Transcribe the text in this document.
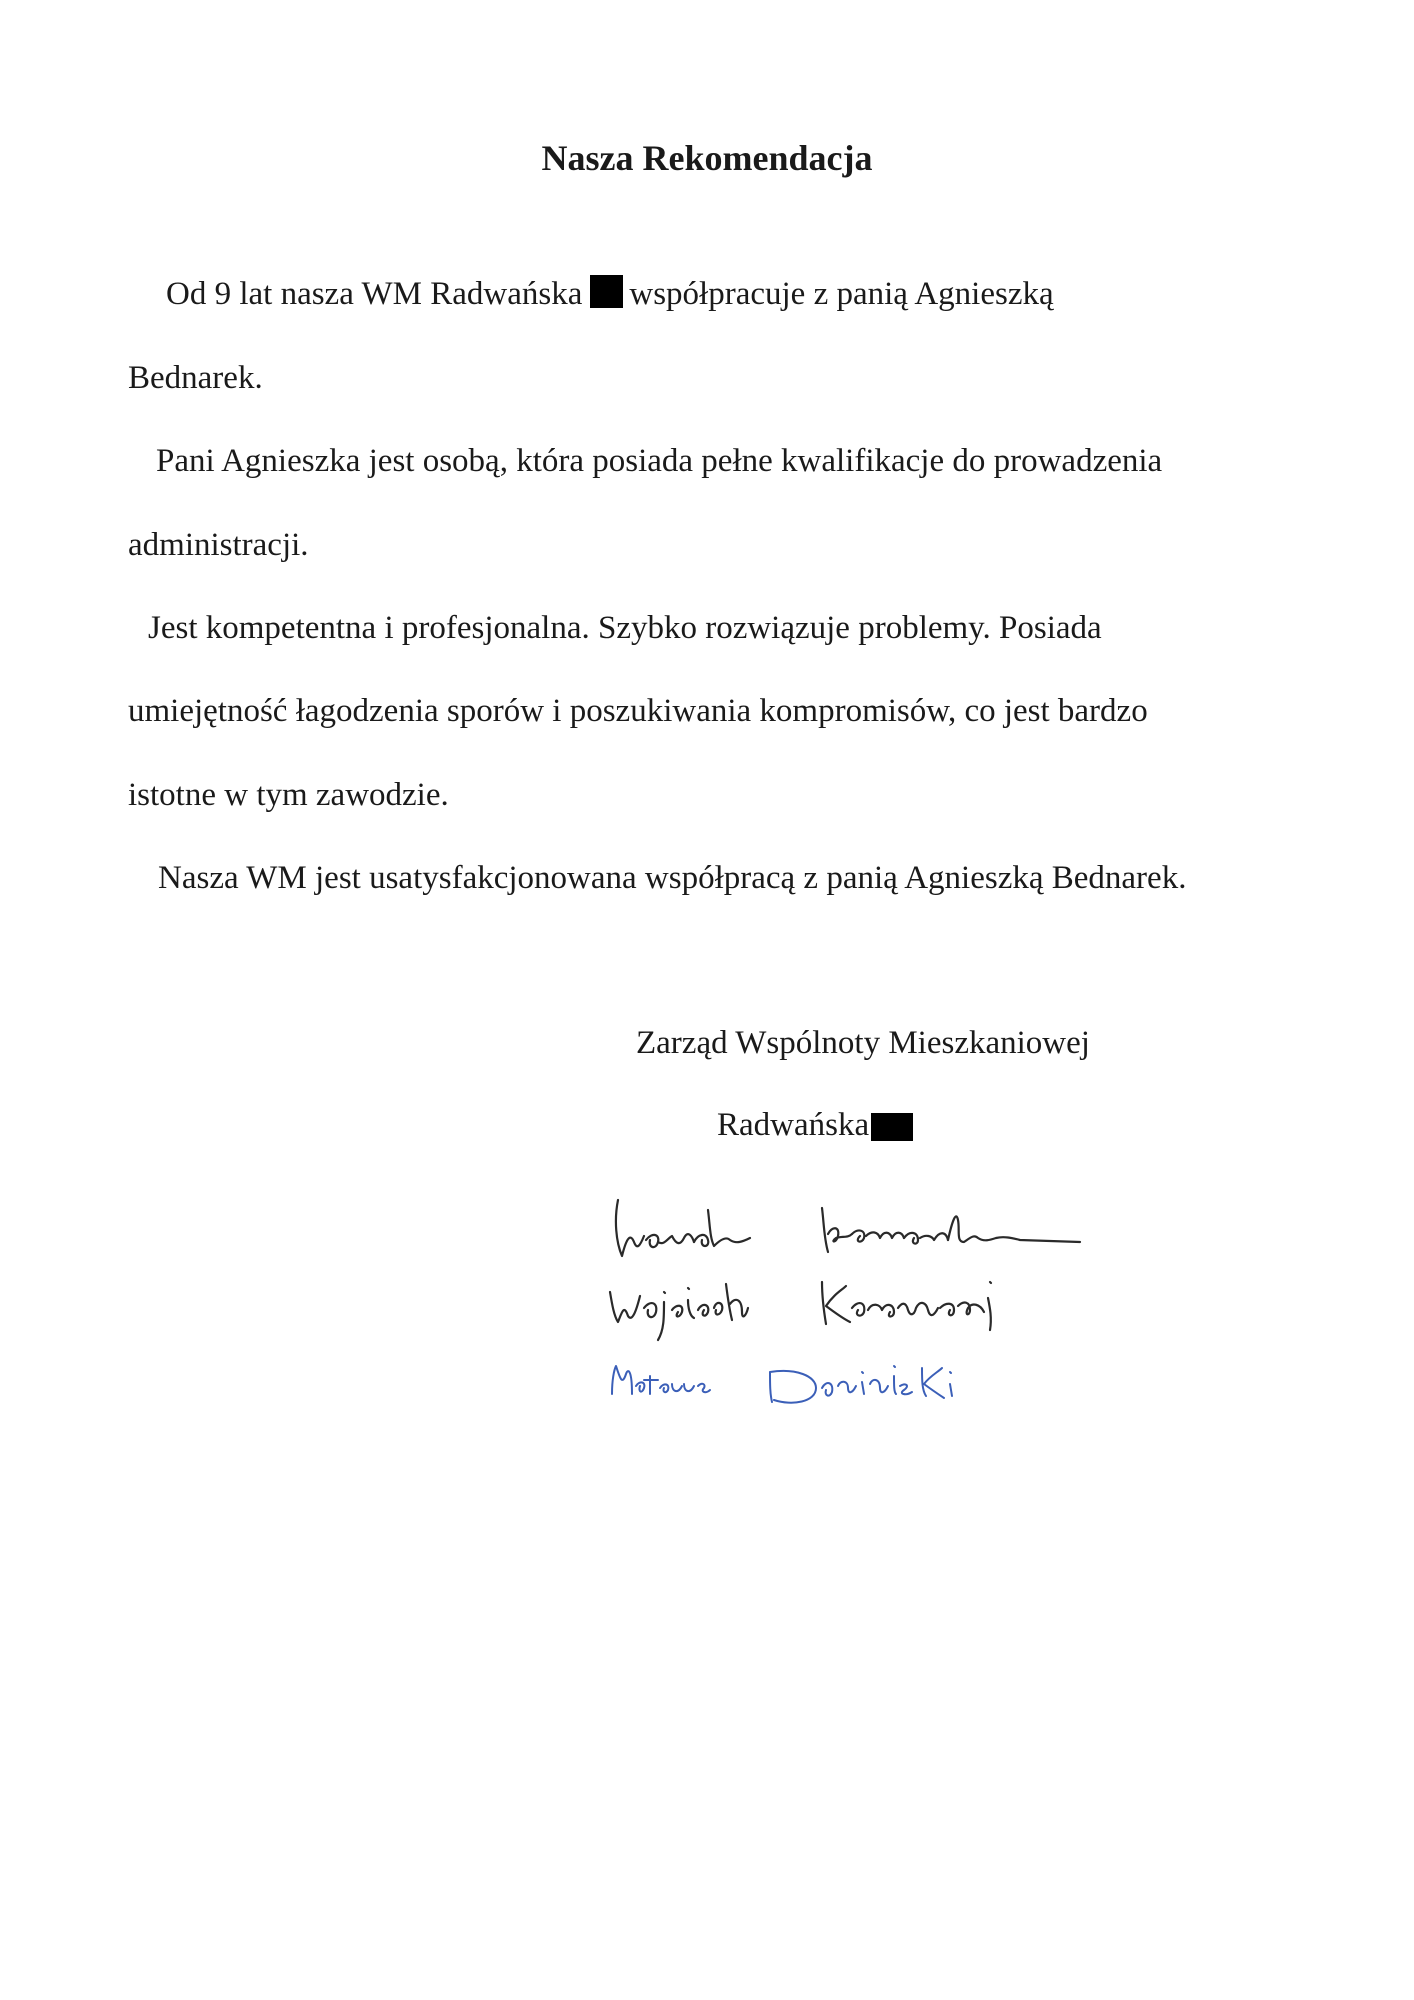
Nasza Rekomendacja
Od 9 lat nasza WM Radwańska współpracuje z panią Agnieszką
Bednarek.
Pani Agnieszka jest osobą, która posiada pełne kwalifikacje do prowadzenia
administracji.
Jest kompetentna i profesjonalna. Szybko rozwiązuje problemy. Posiada
umiejętność łagodzenia sporów i poszukiwania kompromisów, co jest bardzo
istotne w tym zawodzie.
Nasza WM jest usatysfakcjonowana współpracą z panią Agnieszką Bednarek.
Zarząd Wspólnoty Mieszkaniowej
Radwańska
